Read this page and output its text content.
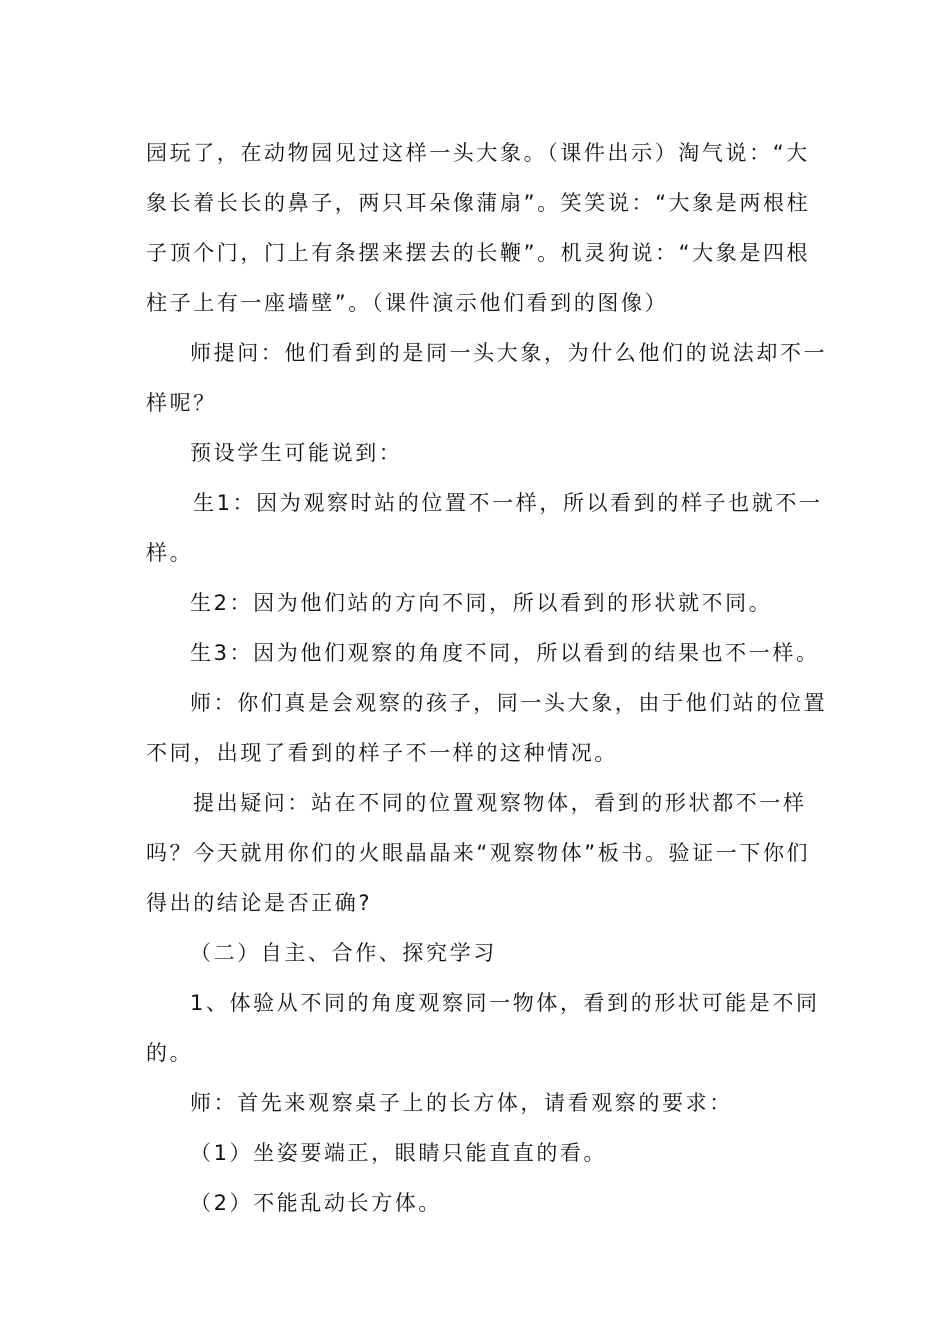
园玩了，在动物园见过这样一头大象。（课件出示）淘气说：“大
象长着长长的鼻子，两只耳朵像蒲扇”。笑笑说：“大象是两根柱
子顶个门，门上有条摆来摆去的长鞭”。机灵狗说：“大象是四根
柱子上有一座墙壁”。（课件演示他们看到的图像）
师提问：他们看到的是同一头大象，为什么他们的说法却不一
样呢？
预设学生可能说到：
生1：因为观察时站的位置不一样，所以看到的样子也就不一
样。
生2：因为他们站的方向不同，所以看到的形状就不同。
生3：因为他们观察的角度不同，所以看到的结果也不一样。
师：你们真是会观察的孩子，同一头大象，由于他们站的位置
不同，出现了看到的样子不一样的这种情况。
提出疑问：站在不同的位置观察物体，看到的形状都不一样
吗？今天就用你们的火眼晶晶来“观察物体”板书。验证一下你们
得出的结论是否正确?
（二）自主、合作、探究学习
1、体验从不同的角度观察同一物体，看到的形状可能是不同
的。
师：首先来观察桌子上的长方体，请看观察的要求：
（1）坐姿要端正，眼睛只能直直的看。
（2）不能乱动长方体。
